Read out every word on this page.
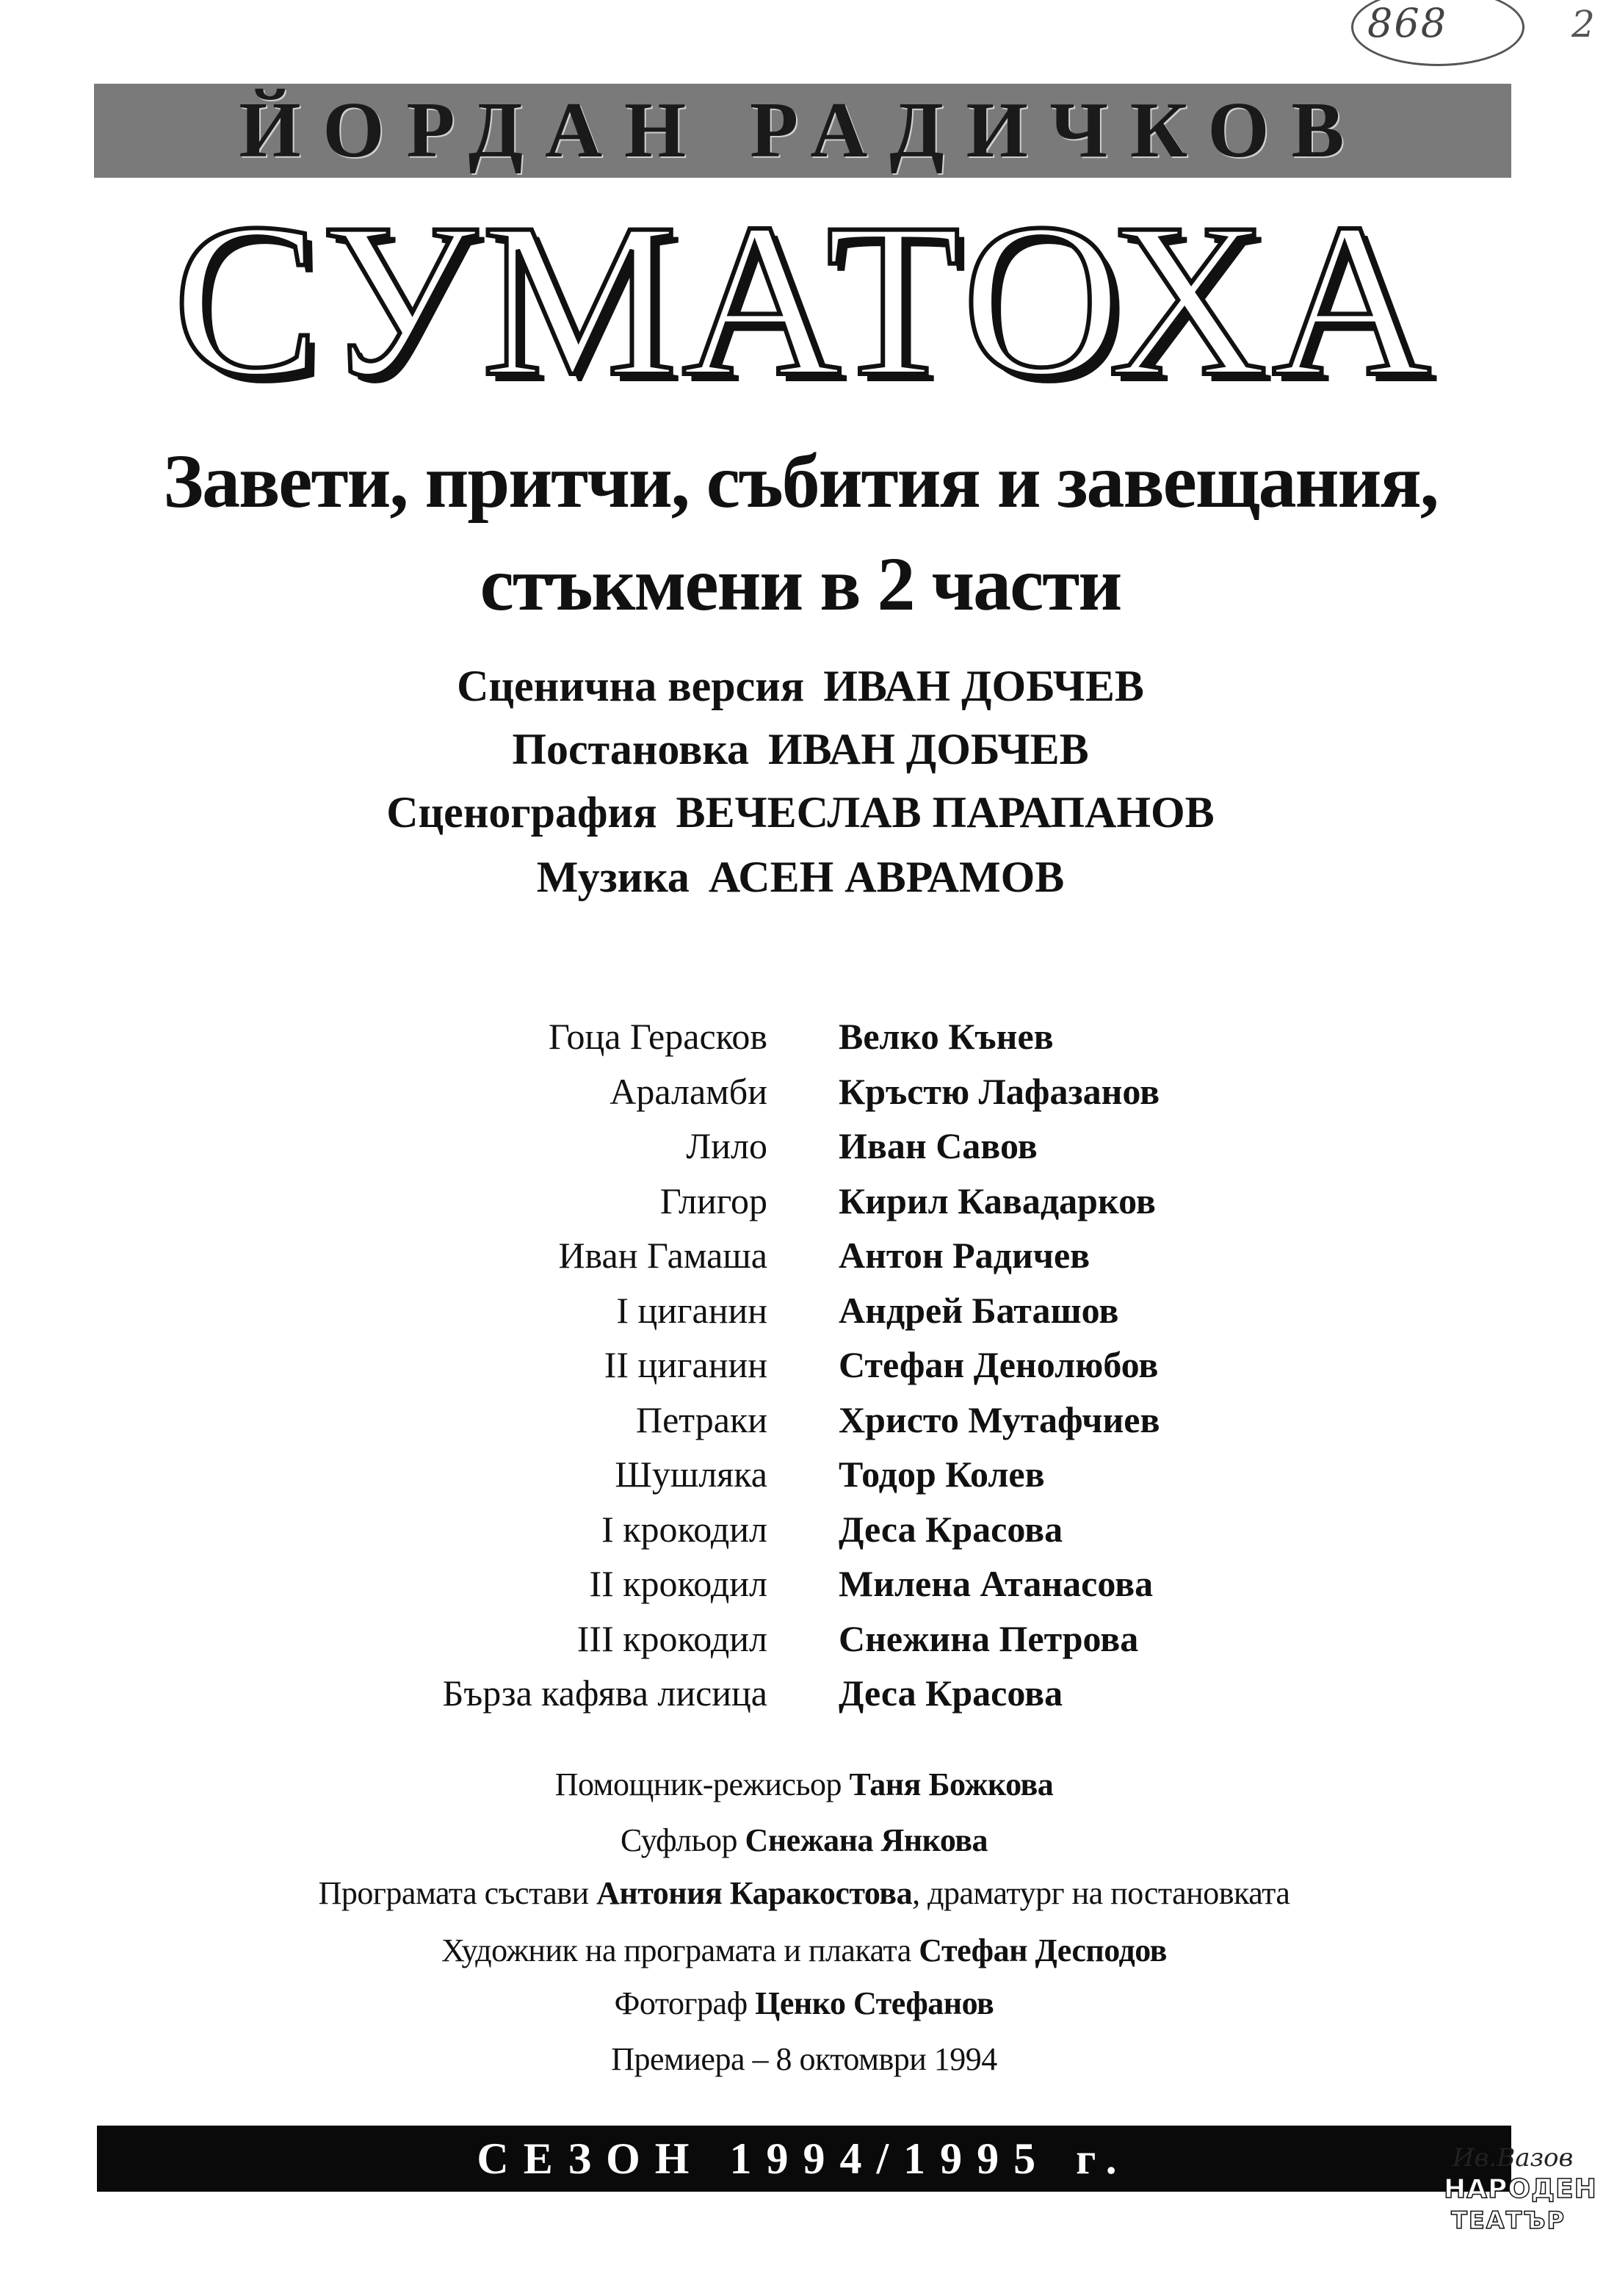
868	2
ЙОРДАН РАДИЧКОВ
СУМАТОХА
Завети, притчи, събития и завещания,
стъкмени в 2 части
Сценична версия ИВАН ДОБЧЕВ
Постановка ИВАН ДОБЧЕВ
Сценография ВЕЧЕСЛАВ ПАРАПАНОВ
Музика АСЕН АВРАМОВ
Гоца Герасков Велко Кънев
Араламби Кръстю Лафазанов
Лило Иван Савов
Глигор Кирил Кавадарков
Иван Гамаша Антон Радичев
I циганин Андрей Баташов
II циганин Стефан Денолюбов
Петраки Христо Мутафчиев
Шушляка Тодор Колев
I крокодил Деса Красова
II крокодил Милена Атанасова
III крокодил Снежина Петрова
Бърза кафява лисица Деса Красова
Помощник-режисьор Таня Божкова
Суфльор Снежана Янкова
Програмата състави Антония Каракостова, драматург на постановката
Художник на програмата и плаката Стефан Десподов
Фотограф Ценко Стефанов
Премиера – 8 октомври 1994
СЕЗОН 1994/1995 г.	Ив.Вазов
НАРОДЕН
ТЕАТЪР
